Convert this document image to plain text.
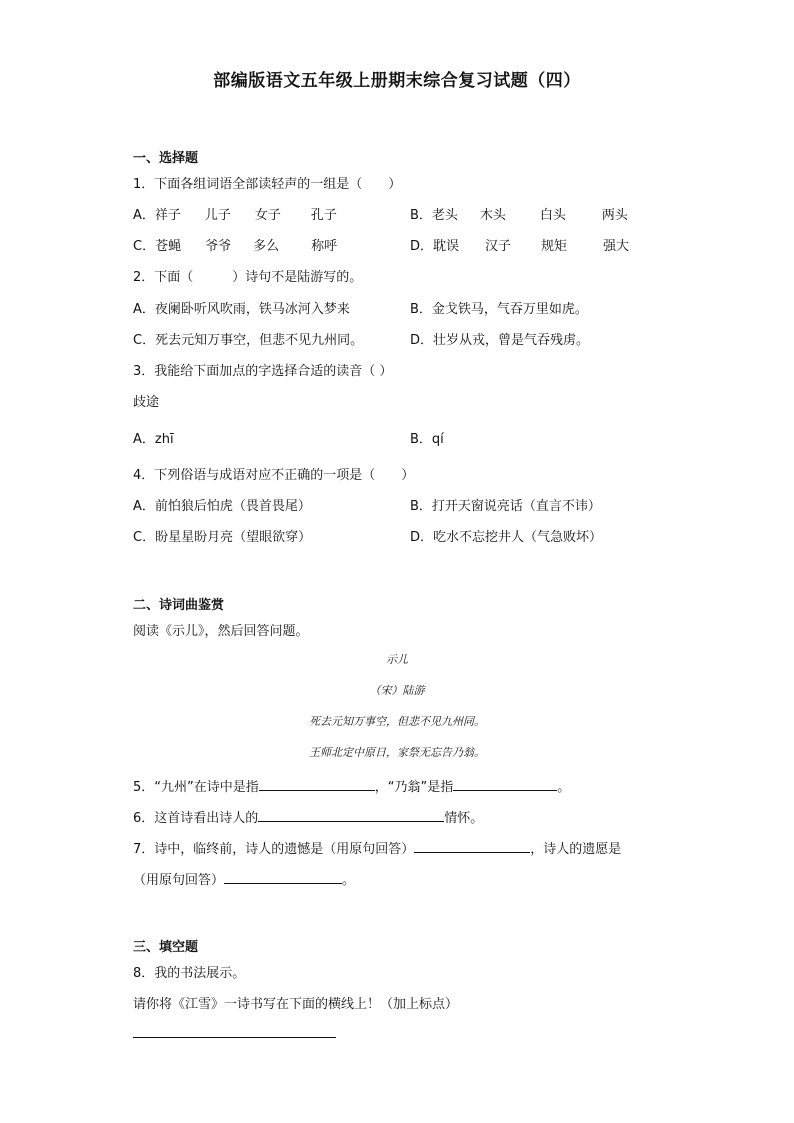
部编版语文五年级上册期末综合复习试题（四）
一、选择题
1．下面各组词语全部读轻声的一组是（　　）
A．祥子 儿子 女子 孔子	B．老头 木头	白头	两头
C．苍蝇 爷爷 多么 称呼	D．耽误 汉子 规矩	强大
2．下面（　　　）诗句不是陆游写的。
A．夜阑卧听风吹雨，铁马冰河入梦来	B．金戈铁马，气吞万里如虎。
C．死去元知万事空，但悲不见九州同。	D．壮岁从戎，曾是气吞残虏。
3．我能给下面加点的字选择合适的读音（ ）
歧途
A．zhī	B．qí
4．下列俗语与成语对应不正确的一项是（　　）
A．前怕狼后怕虎（畏首畏尾）	B．打开天窗说亮话（直言不讳）
C．盼星星盼月亮（望眼欲穿）	D．吃水不忘挖井人（气急败坏）
二、诗词曲鉴赏
阅读《示儿》，然后回答问题。
示儿
（宋）陆游
死去元知万事空，但悲不见九州同。
王师北定中原日，家祭无忘告乃翁。
5．“九州”在诗中是指	，“乃翁”是指	。
6．这首诗看出诗人的	情怀。
7．诗中，临终前，诗人的遗憾是（用原句回答）	，诗人的遗愿是
（用原句回答）	。
三、填空题
8．我的书法展示。
请你将《江雪》一诗书写在下面的横线上！（加上标点）
